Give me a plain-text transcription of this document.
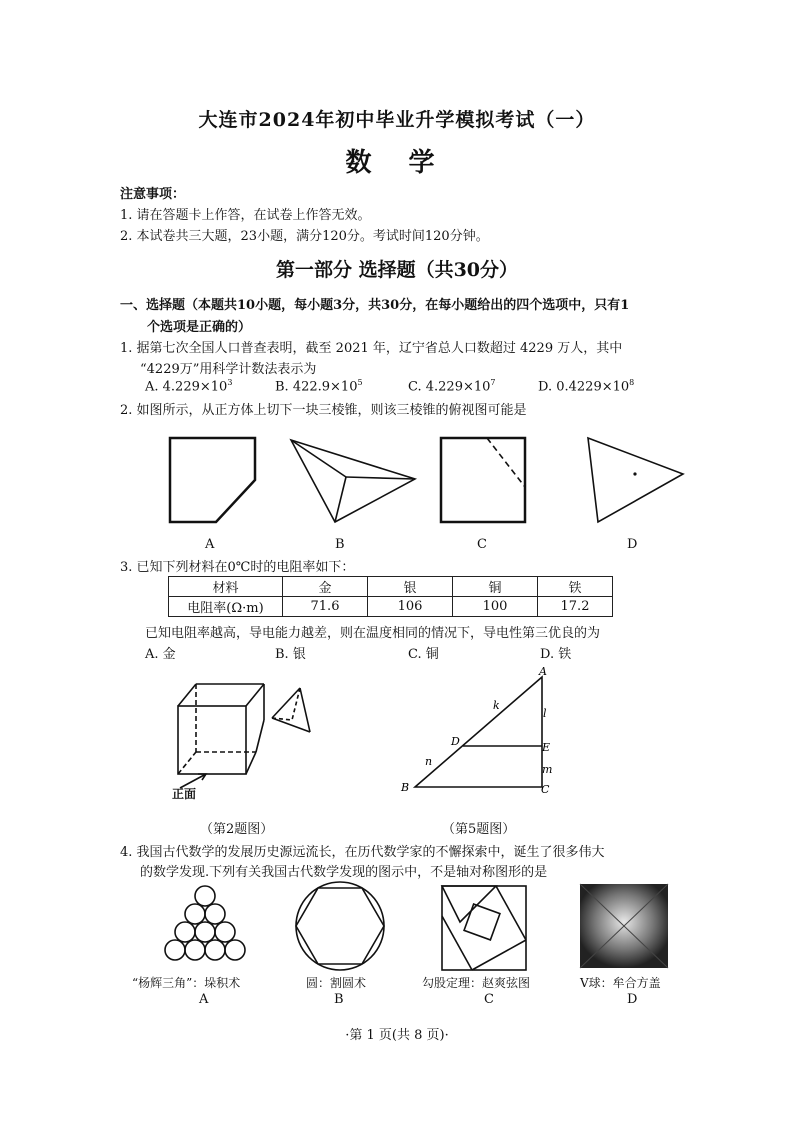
大连市2024年初中毕业升学模拟考试（一）
数 学
注意事项：
1. 请在答题卡上作答，在试卷上作答无效。
2. 本试卷共三大题，23小题，满分120分。考试时间120分钟。
第一部分 选择题（共30分）
一、选择题（本题共10小题，每小题3分，共30分，在每小题给出的四个选项中，只有1
个选项是正确的）
1. 据第七次全国人口普查表明，截至 2021 年，辽宁省总人口数超过 4229 万人，其中
“4229万”用科学计数法表示为
A. $4.229\times 10^3$	B. $422.9\times 10^5$	C. $4.229\times 10^7$	D. $0.4229\times 10^8$
2. 如图所示，从正方体上切下一块三棱锥，则该三棱锥的俯视图可能是
A	B	C	D
3. 已知下列材料在0℃时的电阻率如下：
材料	金	银	铜	铁
电阻率(Ω·m)	71.6	106	100	17.2
已知电阻率越高，导电能力越差，则在温度相同的情况下，导电性第三优良的为
A. 金	B. 银	C. 铜	D. 铁
正面
（第2题图）
A
B	C
D	E
k
l
m
n
（第5题图）
4. 我国古代数学的发展历史源远流长，在历代数学家的不懈探索中，诞生了很多伟大
的数学发现.下列有关我国古代数学发现的图示中，不是轴对称图形的是
“杨辉三角”：垛积术	圆：割圆术	勾股定理：赵爽弦图	V球：牟合方盖
A	B	C	D
·第 1 页(共 8 页)·
